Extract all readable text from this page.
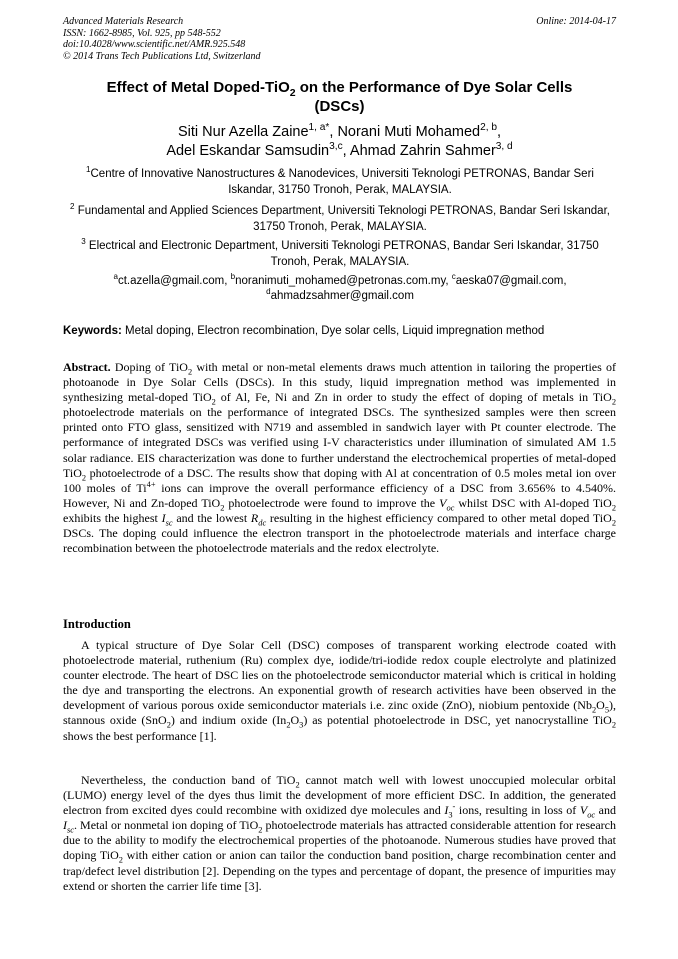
Advanced Materials Research
ISSN: 1662-8985, Vol. 925, pp 548-552
doi:10.4028/www.scientific.net/AMR.925.548
© 2014 Trans Tech Publications Ltd, Switzerland
Online: 2014-04-17
Effect of Metal Doped-TiO$_2$ on the Performance of Dye Solar Cells
(DSCs)
Siti Nur Azella Zaine$^{1, a*}$, Norani Muti Mohamed$^{2, b}$,
Adel Eskandar Samsudin$^{3,c}$, Ahmad Zahrin Sahmer$^{3, d}$
$^1$Centre of Innovative Nanostructures & Nanodevices, Universiti Teknologi PETRONAS, Bandar Seri Iskandar, 31750 Tronoh, Perak, MALAYSIA.
$^2$ Fundamental and Applied Sciences Department, Universiti Teknologi PETRONAS, Bandar Seri Iskandar, 31750 Tronoh, Perak, MALAYSIA.
$^3$ Electrical and Electronic Department, Universiti Teknologi PETRONAS, Bandar Seri Iskandar, 31750 Tronoh, Perak, MALAYSIA.
$^a$ct.azella@gmail.com, $^b$noranimuti_mohamed@petronas.com.my, $^c$aeska07@gmail.com,
$^d$ahmadzsahmer@gmail.com
Keywords: Metal doping, Electron recombination, Dye solar cells, Liquid impregnation method
Abstract. Doping of TiO$_2$ with metal or non-metal elements draws much attention in tailoring the properties of photoanode in Dye Solar Cells (DSCs). In this study, liquid impregnation method was implemented in synthesizing metal-doped TiO$_2$ of Al, Fe, Ni and Zn in order to study the effect of doping of metals in TiO$_2$ photoelectrode materials on the performance of integrated DSCs. The synthesized samples were then screen printed onto FTO glass, sensitized with N719 and assembled in sandwich layer with Pt counter electrode. The performance of integrated DSCs was verified using I-V characteristics under illumination of simulated AM 1.5 solar radiance. EIS characterization was done to further understand the electrochemical properties of metal-doped TiO$_2$ photoelectrode of a DSC. The results show that doping with Al at concentration of 0.5 moles metal ion over 100 moles of $Ti^{4+}$ ions can improve the overall performance efficiency of a DSC from 3.656% to 4.540%. However, Ni and Zn-doped TiO$_2$ photoelectrode were found to improve the $V_{oc}$ whilst DSC with Al-doped TiO$_2$ exhibits the highest $I_{sc}$ and the lowest $R_{dc}$ resulting in the highest efficiency compared to other metal doped TiO$_2$ DSCs. The doping could influence the electron transport in the photoelectrode materials and interface charge recombination between the photoelectrode materials and the redox electrolyte.
Introduction
A typical structure of Dye Solar Cell (DSC) composes of transparent working electrode coated with photoelectrode material, ruthenium (Ru) complex dye, iodide/tri-iodide redox couple electrolyte and platinized counter electrode. The heart of DSC lies on the photoelectrode semiconductor material which is critical in holding the dye and transporting the electrons. An exponential growth of research activities have been observed in the development of various porous oxide semiconductor materials i.e. zinc oxide (ZnO), niobium pentoxide $(Nb_2O_5)$, stannous oxide (SnO$_2$) and indium oxide $(In_2O_3)$ as potential photoelectrode in DSC, yet nanocrystalline TiO$_2$ shows the best performance [1].
Nevertheless, the conduction band of TiO$_2$ cannot match well with lowest unoccupied molecular orbital (LUMO) energy level of the dyes thus limit the development of more efficient DSC. In addition, the generated electron from excited dyes could recombine with oxidized dye molecules and $I_3^-$ ions, resulting in loss of $V_{oc}$ and $I_{sc}$. Metal or nonmetal ion doping of TiO$_2$ photoelectrode materials has attracted considerable attention for research due to the ability to modify the electrochemical properties of the photoanode. Numerous studies have proved that doping TiO$_2$ with either cation or anion can tailor the conduction band position, charge recombination center and trap/defect level distribution [2]. Depending on the types and percentage of dopant, the presence of impurities may extend or shorten the carrier life time [3].
